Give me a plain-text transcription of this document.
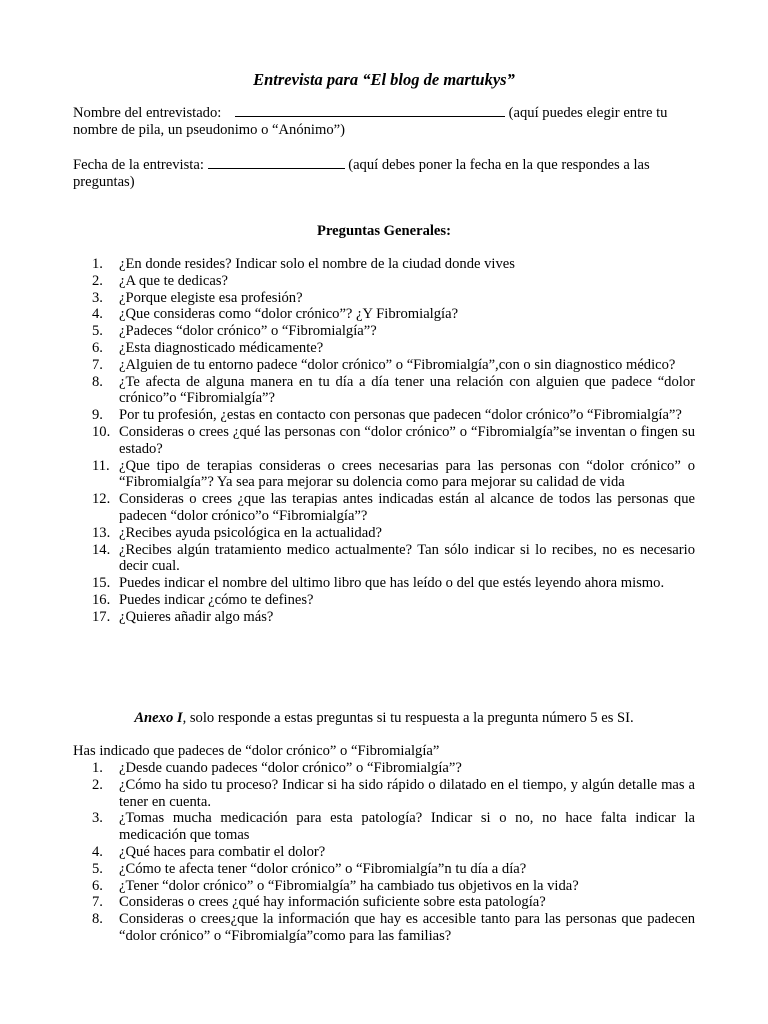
Entrevista para “El blog de martukys”

Nombre del entrevistado:	(aquí puedes elegir entre tu
nombre de pila, un pseudonimo o “Anónimo”)

Fecha de la entrevista:	(aquí debes poner la fecha en la que respondes a las
preguntas)

Preguntas Generales:
1.	¿En donde resides? Indicar solo el nombre de la ciudad donde vives
2.	¿A que te dedicas?
3.	¿Porque elegiste esa profesión?
4.	¿Que consideras como “dolor crónico”? ¿Y Fibromialgía?
5.	¿Padeces “dolor crónico” o “Fibromialgía”?
6.	¿Esta diagnosticado médicamente?
7.	¿Alguien de tu entorno padece “dolor crónico” o “Fibromialgía”,con o sin diagnostico médico?
8.	¿Te afecta de alguna manera en tu día a día tener una relación con alguien que padece “dolor crónico”o “Fibromialgía”?
9.	Por tu profesión, ¿estas en contacto con personas que padecen “dolor crónico”o “Fibromialgía”?
10. Consideras o crees ¿qué las personas con “dolor crónico” o “Fibromialgía”se inventan o fingen su estado?
11. ¿Que tipo de terapias consideras o crees necesarias para las personas con “dolor crónico” o “Fibromialgía”? Ya sea para mejorar su dolencia como para mejorar su calidad de vida
12. Consideras o crees ¿que las terapias antes indicadas están al alcance de todos las personas que padecen “dolor crónico”o “Fibromialgía”?
13. ¿Recibes ayuda psicológica en la actualidad?
14. ¿Recibes algún tratamiento medico actualmente? Tan sólo indicar si lo recibes, no es necesario decir cual.
15. Puedes indicar el nombre del ultimo libro que has leído o del que estés leyendo ahora mismo.
16. Puedes indicar ¿cómo te defines?
17. ¿Quieres añadir algo más?
Anexo I, solo responde a estas preguntas si tu respuesta a la pregunta número 5 es SI.

Has indicado que padeces de “dolor crónico” o “Fibromialgía”

1.	¿Desde cuando padeces “dolor crónico” o “Fibromialgía”?
2.	¿Cómo ha sido tu proceso? Indicar si ha sido rápido o dilatado en el tiempo, y algún detalle mas a tener en cuenta.
3.	¿Tomas mucha medicación para esta patología? Indicar si o no, no hace falta indicar la medicación que tomas
4.	¿Qué haces para combatir el dolor?
5.	¿Cómo te afecta tener “dolor crónico” o “Fibromialgía”n tu día a día?
6.	¿Tener “dolor crónico” o “Fibromialgía” ha cambiado tus objetivos en la vida?
7.	Consideras o crees ¿qué hay información suficiente sobre esta patología?
8.	Consideras o crees¿que la información que hay es accesible tanto para las personas que padecen “dolor crónico” o “Fibromialgía”como para las familias?
